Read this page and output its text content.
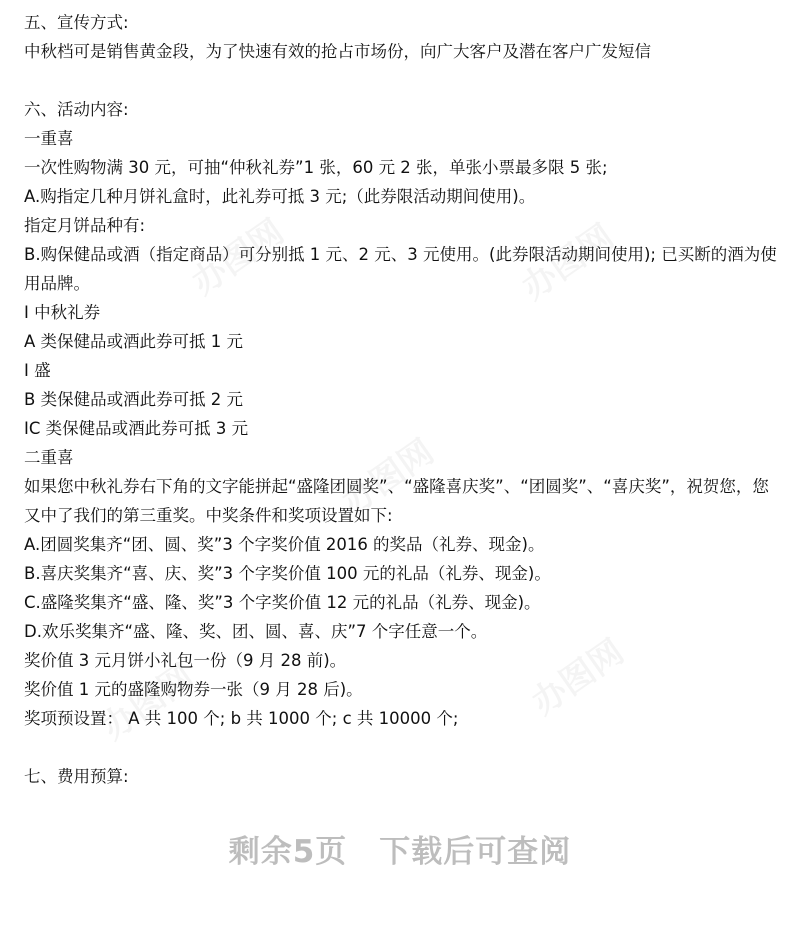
五、宣传方式:

中秋档可是销售黄金段，为了快速有效的抢占市场份，向广大客户及潜在客户广发短信

六、活动内容:

一重喜

一次性购物满 30 元，可抽“仲秋礼券”1 张，60 元 2 张，单张小票最多限 5 张;

A.购指定几种月饼礼盒时，此礼券可抵 3 元;（此券限活动期间使用)。

指定月饼品种有:

B.购保健品或酒（指定商品）可分别抵 1 元、2 元、3 元使用。(此券限活动期间使用); 已买断的酒为使用品牌。

I 中秋礼券

A 类保健品或酒此券可抵 1 元

I 盛

B 类保健品或酒此券可抵 2 元

IC 类保健品或酒此券可抵 3 元

二重喜

如果您中秋礼券右下角的文字能拼起“盛隆团圆奖”、“盛隆喜庆奖”、“团圆奖”、“喜庆奖”，祝贺您，您又中了我们的第三重奖。中奖条件和奖项设置如下:

A.团圆奖集齐“团、圆、奖”3 个字奖价值 2016 的奖品（礼券、现金)。

B.喜庆奖集齐“喜、庆、奖”3 个字奖价值 100 元的礼品（礼券、现金)。

C.盛隆奖集齐“盛、隆、奖”3 个字奖价值 12 元的礼品（礼券、现金)。

D.欢乐奖集齐“盛、隆、奖、团、圆、喜、庆”7 个字任意一个。

奖价值 3 元月饼小礼包一份（9 月 28 前)。

奖价值 1 元的盛隆购物券一张（9 月 28 后)。

奖项预设置： A 共 100 个; b 共 1000 个; c 共 10000 个;

七、费用预算:

剩余5页　下载后可查阅
